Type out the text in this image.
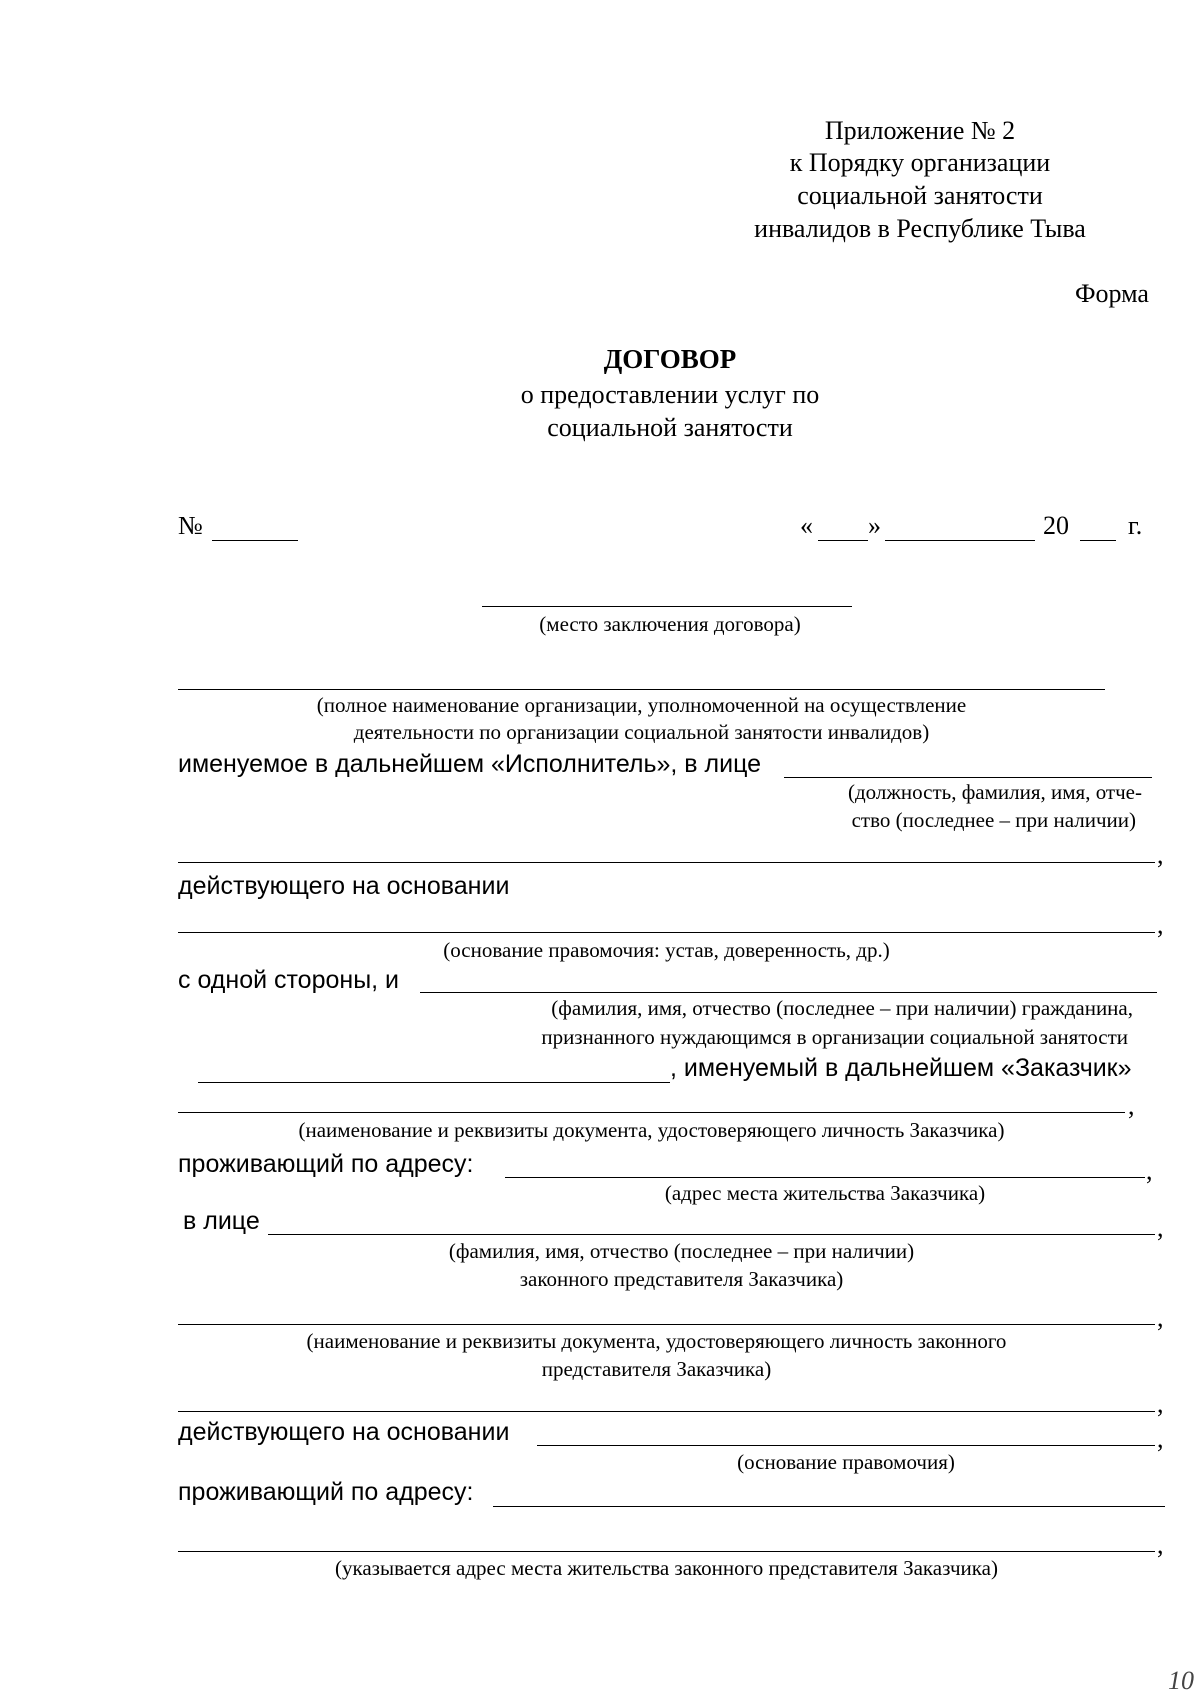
Приложение № 2
к Порядку организации
социальной занятости
инвалидов в Республике Тыва
Форма
ДОГОВОР
о предоставлении услуг по
социальной занятости
№	« »	20 г.
(место заключения договора)
(полное наименование организации, уполномоченной на осуществление
деятельности по организации социальной занятости инвалидов)
именуемое в дальнейшем «Исполнитель», в лице
(должность, фамилия, имя, отче-
ство (последнее – при наличии)
,
действующего на основании
,
(основание правомочия: устав, доверенность, др.)
с одной стороны, и
(фамилия, имя, отчество (последнее – при наличии) гражданина,
признанного нуждающимся в организации социальной занятости
, именуемый в дальнейшем «Заказчик»
,
(наименование и реквизиты документа, удостоверяющего личность Заказчика)
проживающий по адресу:	,
(адрес места жительства Заказчика)
в лице	,
(фамилия, имя, отчество (последнее – при наличии)
законного представителя Заказчика)
,
(наименование и реквизиты документа, удостоверяющего личность законного
представителя Заказчика)
,
действующего на основании	,
(основание правомочия)
проживающий по адресу:
,
(указывается адрес места жительства законного представителя Заказчика)
10
